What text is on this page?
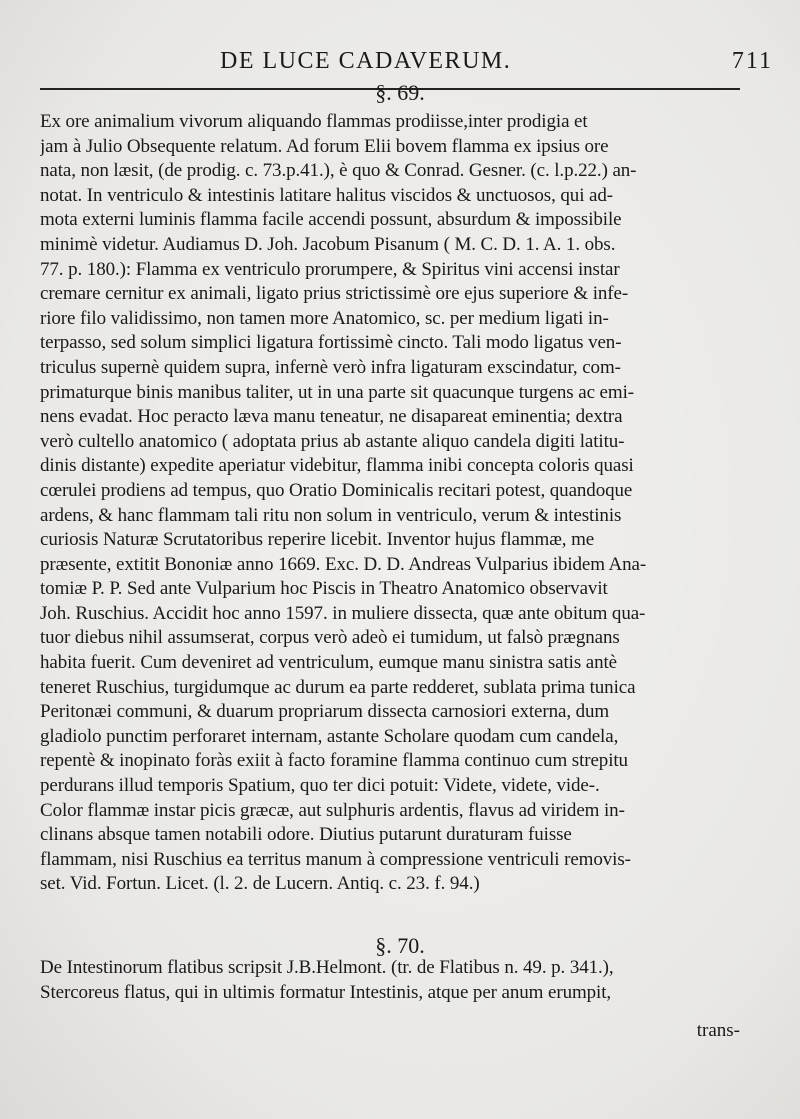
DE LUCE CADAVERUM.	711
§. 69.
Ex ore animalium vivorum aliquando flammas prodiisse,inter prodigia et
jam à Julio Obsequente relatum. Ad forum Elii bovem flamma ex ipsius ore
nata, non læsit, (de prodig. c. 73.p.41.), è quo & Conrad. Gesner. (c. l.p.22.) an-
notat. In ventriculo & intestinis latitare halitus viscidos & unctuosos, qui ad-
mota externi luminis flamma facile accendi possunt, absurdum & impossibile
minimè videtur. Audiamus D. Joh. Jacobum Pisanum ( M. C. D. 1. A. 1. obs.
77. p. 180.): Flamma ex ventriculo prorumpere, & Spiritus vini accensi instar
cremare cernitur ex animali, ligato prius strictissimè ore ejus superiore & infe-
riore filo validissimo, non tamen more Anatomico, sc. per medium ligati in-
terpasso, sed solum simplici ligatura fortissimè cincto. Tali modo ligatus ven-
triculus supernè quidem supra, infernè verò infra ligaturam exscindatur, com-
primaturque binis manibus taliter, ut in una parte sit quacunque turgens ac emi-
nens evadat. Hoc peracto læva manu teneatur, ne disapareat eminentia; dextra
verò cultello anatomico ( adoptata prius ab astante aliquo candela digiti latitu-
dinis distante) expedite aperiatur videbitur, flamma inibi concepta coloris quasi
cœrulei prodiens ad tempus, quo Oratio Dominicalis recitari potest, quandoque
ardens, & hanc flammam tali ritu non solum in ventriculo, verum & intestinis
curiosis Naturæ Scrutatoribus reperire licebit. Inventor hujus flammæ, me
præsente, extitit Bononiæ anno 1669. Exc. D. D. Andreas Vulparius ibidem Ana-
tomiæ P. P. Sed ante Vulparium hoc Piscis in Theatro Anatomico observavit
Joh. Ruschius. Accidit hoc anno 1597. in muliere dissecta, quæ ante obitum qua-
tuor diebus nihil assumserat, corpus verò adeò ei tumidum, ut falsò prægnans
habita fuerit. Cum deveniret ad ventriculum, eumque manu sinistra satis antè
teneret Ruschius, turgidumque ac durum ea parte redderet, sublata prima tunica
Peritonæi communi, & duarum propriarum dissecta carnosiori externa, dum
gladiolo punctim perforaret internam, astante Scholare quodam cum candela,
repentè & inopinato foràs exiit à facto foramine flamma continuo cum strepitu
perdurans illud temporis Spatium, quo ter dici potuit: Videte, videte, vide-.
Color flammæ instar picis græcæ, aut sulphuris ardentis, flavus ad viridem in-
clinans absque tamen notabili odore. Diutius putarunt duraturam fuisse
flammam, nisi Ruschius ea territus manum à compressione ventriculi removis-
set. Vid. Fortun. Licet. (l. 2. de Lucern. Antiq. c. 23. f. 94.)
§. 70.
De Intestinorum flatibus scripsit J.B.Helmont. (tr. de Flatibus n. 49. p. 341.),
Stercoreus flatus, qui in ultimis formatur Intestinis, atque per anum erumpit,
trans-
